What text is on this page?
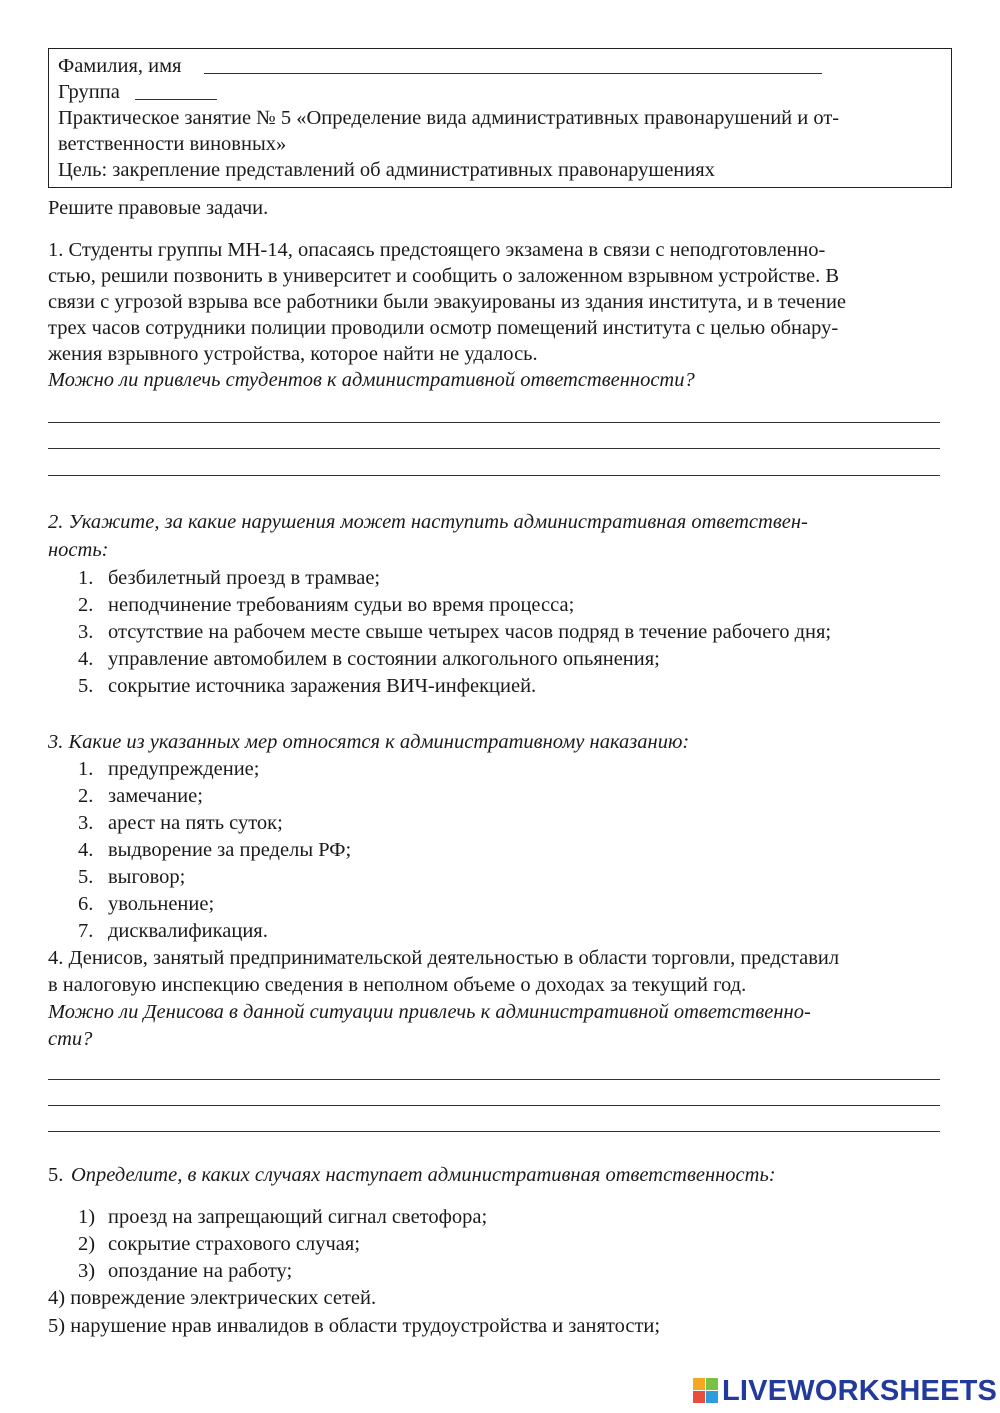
Фамилия, имя
Группа
Практическое занятие № 5 «Определение вида административных правонарушений и от-
ветственности виновных»
Цель: закрепление представлений об административных правонарушениях
Решите правовые задачи.
1. Студенты группы МН-14, опасаясь предстоящего экзамена в связи с неподготовленно-
стью, решили позвонить в университет и сообщить о заложенном взрывном устройстве. В
связи с угрозой взрыва все работники были эвакуированы из здания института, и в течение
трех часов сотрудники полиции проводили осмотр помещений института с целью обнару-
жения взрывного устройства, которое найти не удалось.
Можно ли привлечь студентов к административной ответственности?
2. Укажите, за какие нарушения может наступить административная ответствен-
ность:
1. безбилетный проезд в трамвае;
2. неподчинение требованиям судьи во время процесса;
3. отсутствие на рабочем месте свыше четырех часов подряд в течение рабочего дня;
4. управление автомобилем в состоянии алкогольного опьянения;
5. сокрытие источника заражения ВИЧ-инфекцией.
3. Какие из указанных мер относятся к административному наказанию:
1. предупреждение;
2. замечание;
3. арест на пять суток;
4. выдворение за пределы РФ;
5. выговор;
6. увольнение;
7. дисквалификация.
4. Денисов, занятый предпринимательской деятельностью в области торговли, представил
в налоговую инспекцию сведения в неполном объеме о доходах за текущий год.
Можно ли Денисова в данной ситуации привлечь к административной ответственно-
сти?
5. Определите, в каких случаях наступает административная ответственность:
1) проезд на запрещающий сигнал светофора;
2) сокрытие страхового случая;
3) опоздание на работу;
4) повреждение электрических сетей.
5) нарушение нрав инвалидов в области трудоустройства и занятости;
LIVEWORKSHEETS
